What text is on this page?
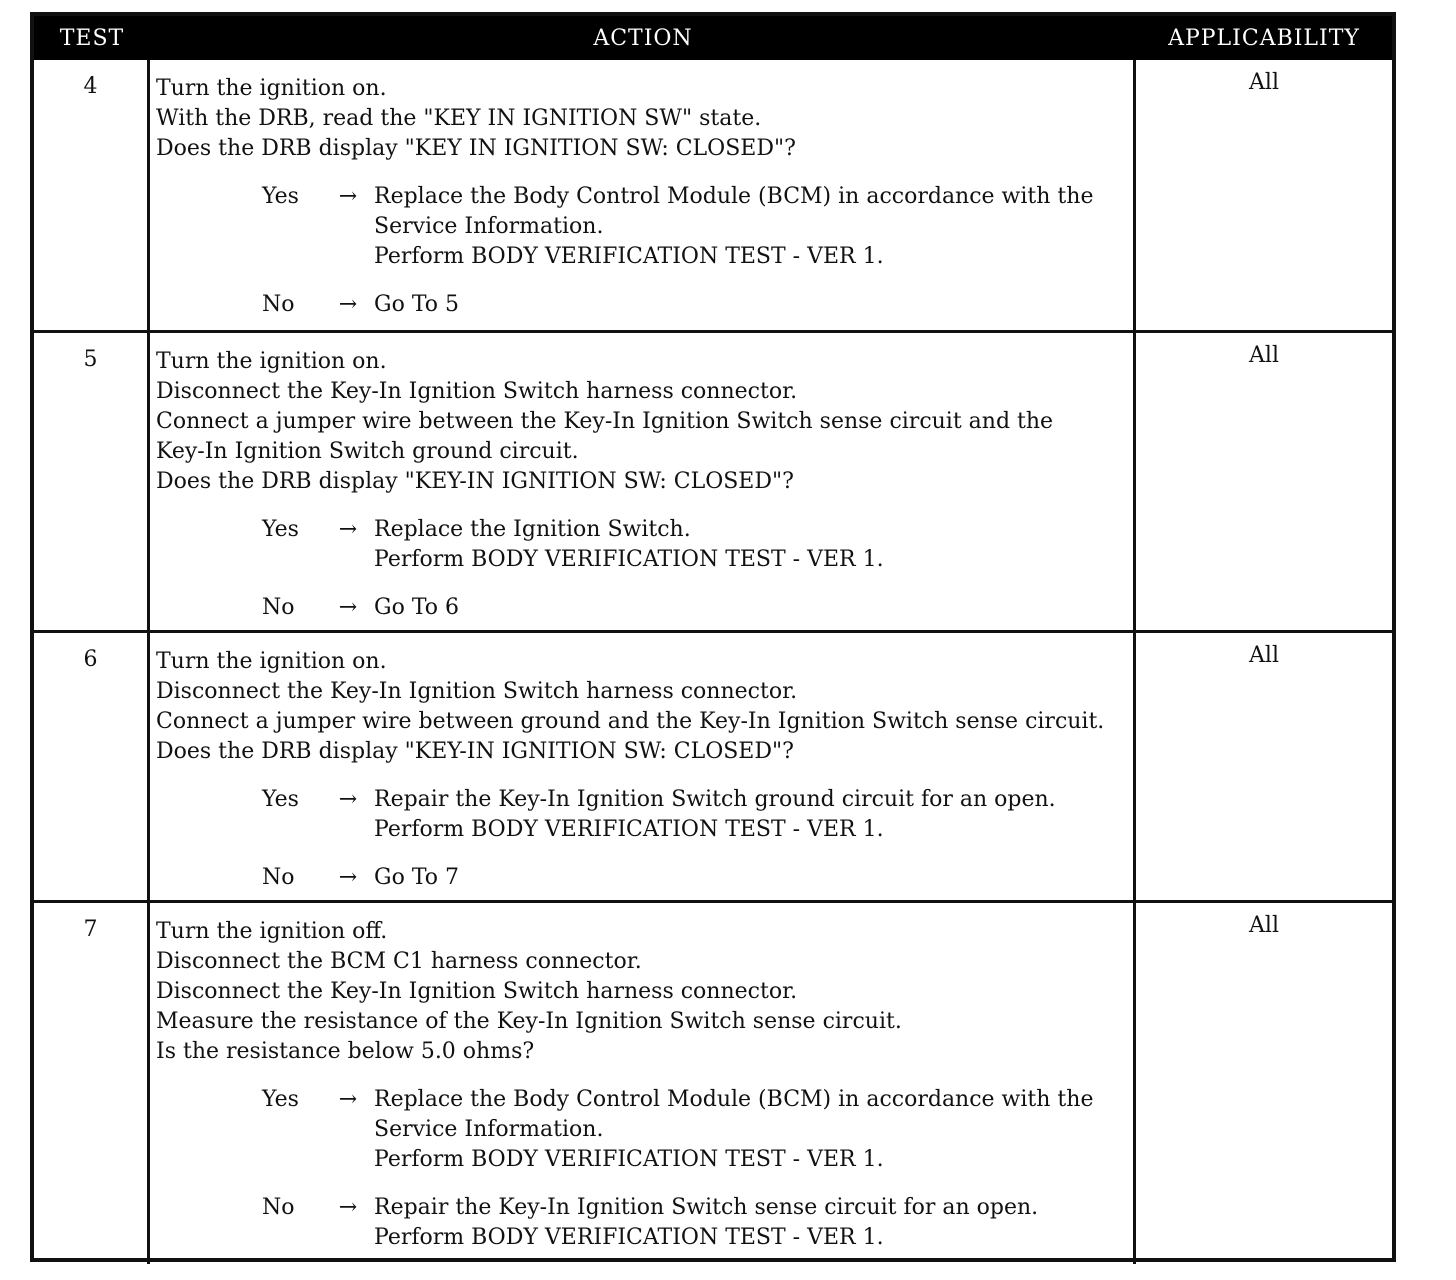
TEST	ACTION	APPLICABILITY
4	Turn the ignition on.
With the DRB, read the "KEY IN IGNITION SW" state.
Does the DRB display "KEY IN IGNITION SW: CLOSED"?
Yes	→ Replace the Body Control Module (BCM) in accordance with the
Service Information.
Perform BODY VERIFICATION TEST - VER 1.
No	→ Go To 5
All
5	Turn the ignition on.
Disconnect the Key-In Ignition Switch harness connector.
Connect a jumper wire between the Key-In Ignition Switch sense circuit and the
Key-In Ignition Switch ground circuit.
Does the DRB display "KEY-IN IGNITION SW: CLOSED"?
Yes	→ Replace the Ignition Switch.
Perform BODY VERIFICATION TEST - VER 1.
No	→ Go To 6
All
6	Turn the ignition on.
Disconnect the Key-In Ignition Switch harness connector.
Connect a jumper wire between ground and the Key-In Ignition Switch sense circuit.
Does the DRB display "KEY-IN IGNITION SW: CLOSED"?
Yes	→ Repair the Key-In Ignition Switch ground circuit for an open.
Perform BODY VERIFICATION TEST - VER 1.
No	→ Go To 7
All
7	Turn the ignition off.
Disconnect the BCM C1 harness connector.
Disconnect the Key-In Ignition Switch harness connector.
Measure the resistance of the Key-In Ignition Switch sense circuit.
Is the resistance below 5.0 ohms?
Yes	→ Replace the Body Control Module (BCM) in accordance with the
Service Information.
Perform BODY VERIFICATION TEST - VER 1.
No	→ Repair the Key-In Ignition Switch sense circuit for an open.
Perform BODY VERIFICATION TEST - VER 1.
All
